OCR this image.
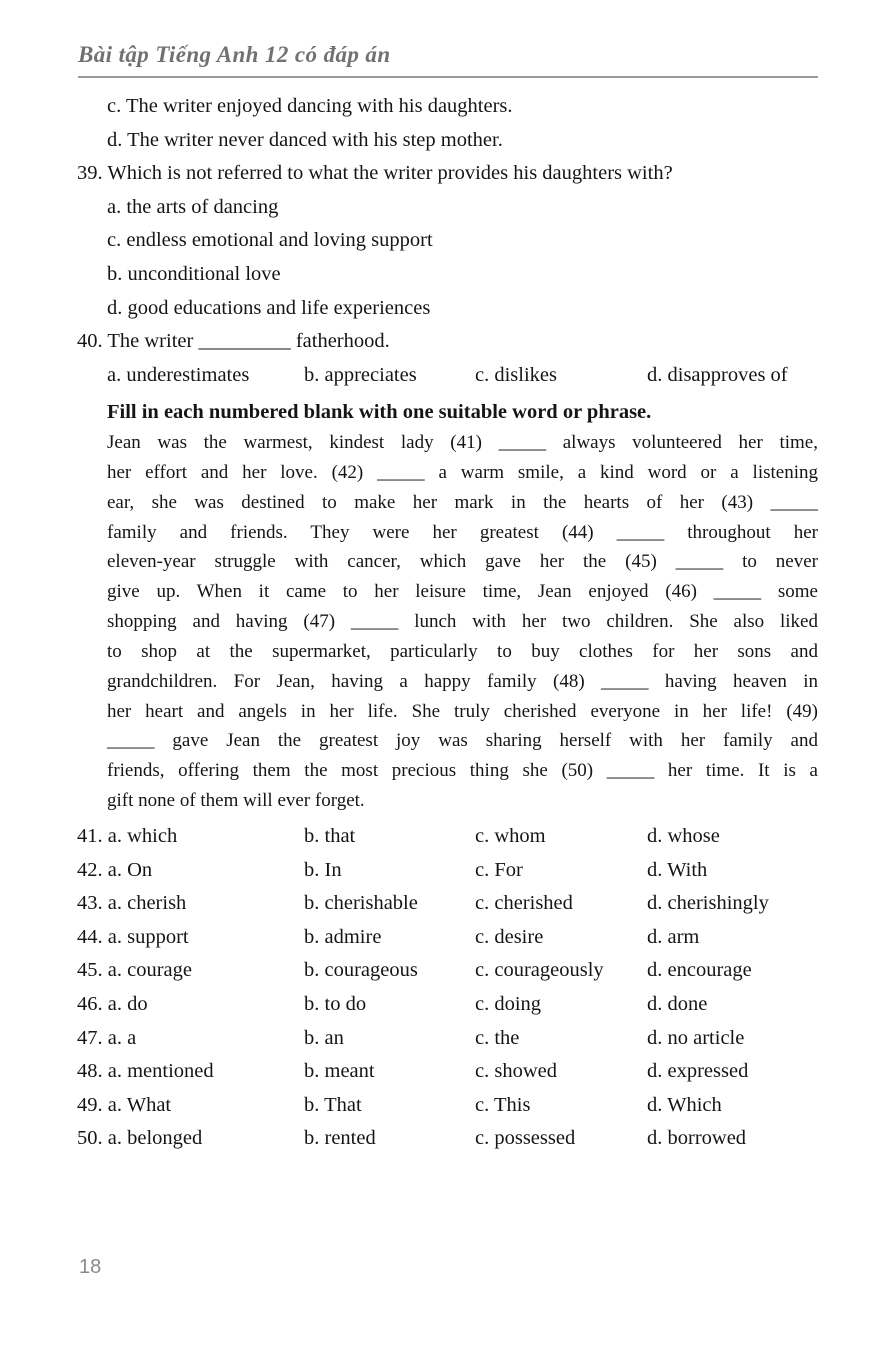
Bài tập Tiếng Anh 12 có đáp án
c. The writer enjoyed dancing with his daughters.
d. The writer never danced with his step mother.
39. Which is not referred to what the writer provides his daughters with?
a. the arts of dancing
c. endless emotional and loving support
b. unconditional love
d. good educations and life experiences
40. The writer _________ fatherhood.
a. underestimates	b. appreciates	c. dislikes	d. disapproves of
Fill in each numbered blank with one suitable word or phrase.
Jean was the warmest, kindest lady (41) _____ always volunteered her time,
her effort and her love. (42) _____ a warm smile, a kind word or a listening
ear, she was destined to make her mark in the hearts of her (43) _____
family and friends. They were her greatest (44) _____ throughout her
eleven-year struggle with cancer, which gave her the (45) _____ to never
give up. When it came to her leisure time, Jean enjoyed (46) _____ some
shopping and having (47) _____ lunch with her two children. She also liked
to shop at the supermarket, particularly to buy clothes for her sons and
grandchildren. For Jean, having a happy family (48) _____ having heaven in
her heart and angels in her life. She truly cherished everyone in her life! (49)
_____ gave Jean the greatest joy was sharing herself with her family and
friends, offering them the most precious thing she (50) _____ her time. It is a
gift none of them will ever forget.
41. a. which	b. that	c. whom	d. whose
42. a. On	b. In	c. For	d. With
43. a. cherish	b. cherishable	c. cherished	d. cherishingly
44. a. support	b. admire	c. desire	d. arm
45. a. courage	b. courageous	c. courageously	d. encourage
46. a. do	b. to do	c. doing	d. done
47. a. a	b. an	c. the	d. no article
48. a. mentioned	b. meant	c. showed	d. expressed
49. a. What	b. That	c. This	d. Which
50. a. belonged	b. rented	c. possessed	d. borrowed
18
